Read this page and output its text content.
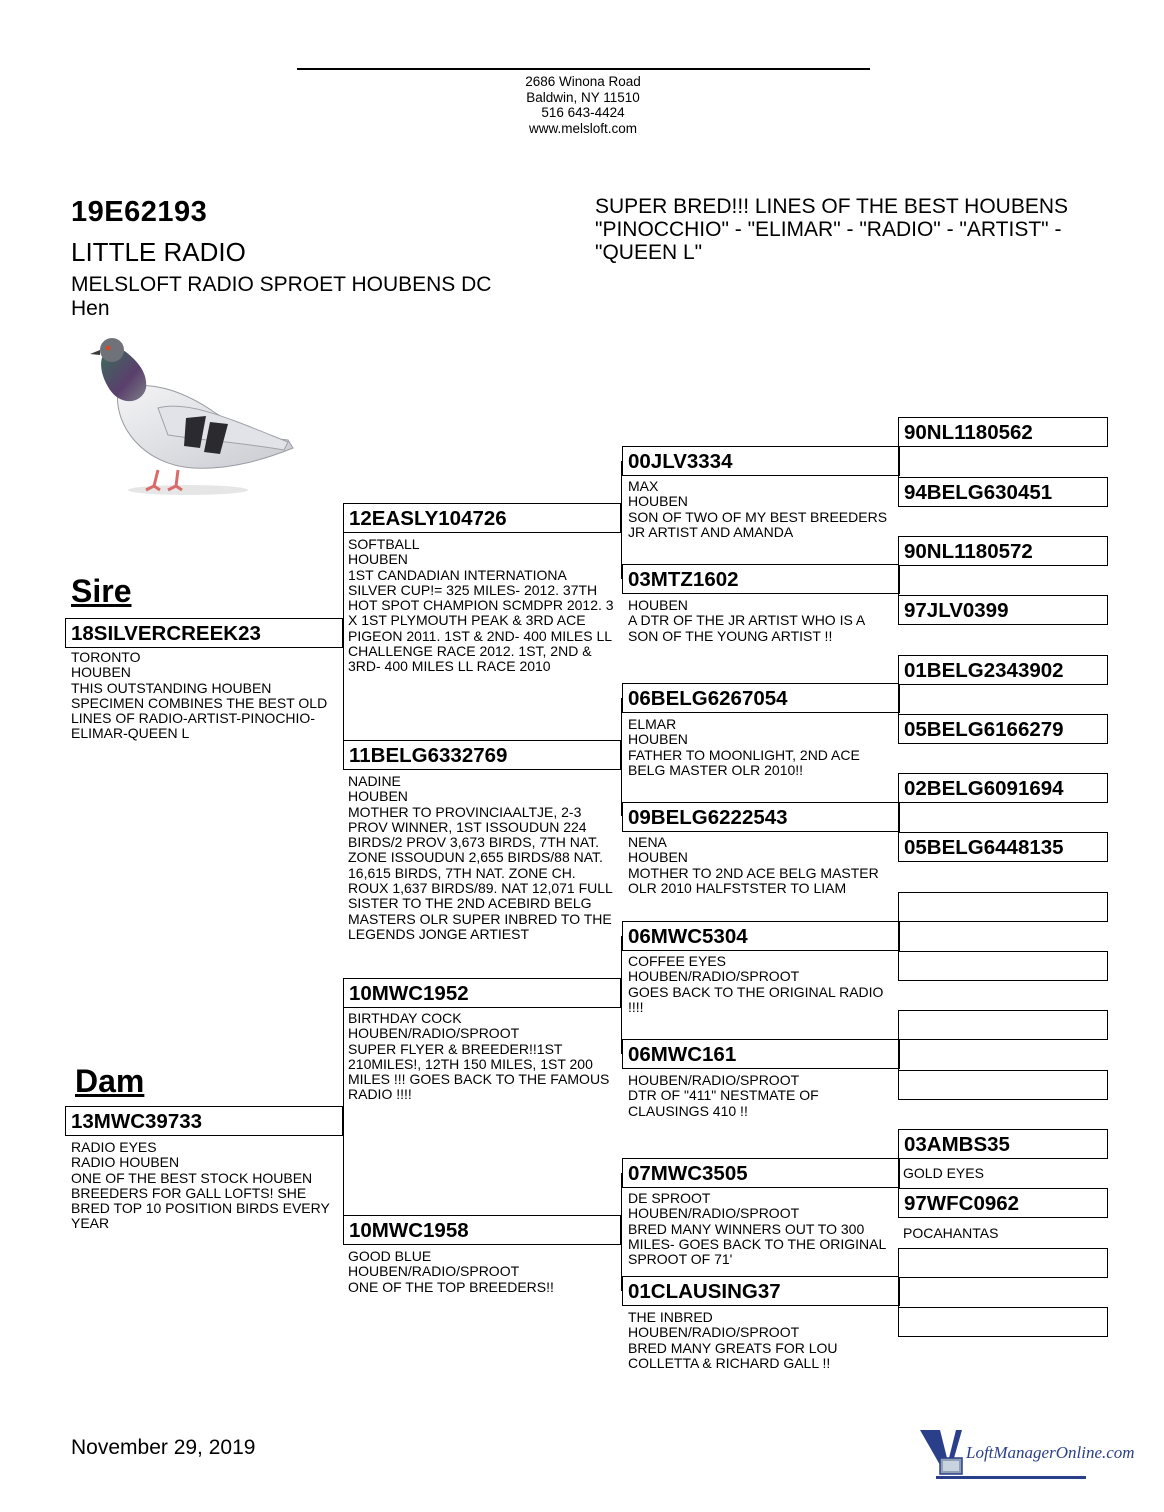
2686 Winona Road
Baldwin, NY 11510
516 643-4424
www.melsloft.com
19E62193
LITTLE RADIO
MELSLOFT RADIO SPROET HOUBENS DC
Hen
SUPER BRED!!! LINES OF THE BEST HOUBENS "PINOCCHIO" - "ELIMAR" - "RADIO" - "ARTIST" - "QUEEN L"
Sire
Dam
18SILVERCREEK23
TORONTO
HOUBEN
THIS OUTSTANDING HOUBEN SPECIMEN COMBINES THE BEST OLD LINES OF RADIO-ARTIST-PINOCHIO-ELIMAR-QUEEN L
13MWC39733
RADIO EYES
RADIO HOUBEN
ONE OF THE BEST STOCK HOUBEN BREEDERS FOR GALL LOFTS! SHE BRED TOP 10 POSITION BIRDS EVERY YEAR
12EASLY104726
SOFTBALL
HOUBEN
1ST CANDADIAN INTERNATIONA SILVER CUP!= 325 MILES- 2012. 37TH HOT SPOT CHAMPION SCMDPR 2012. 3 X 1ST PLYMOUTH PEAK & 3RD ACE PIGEON 2011. 1ST & 2ND- 400 MILES LL CHALLENGE RACE 2012. 1ST, 2ND & 3RD- 400 MILES LL RACE 2010
11BELG6332769
NADINE
HOUBEN
MOTHER TO PROVINCIAALTJE, 2-3 PROV WINNER, 1ST ISSOUDUN 224 BIRDS/2 PROV 3,673 BIRDS, 7TH NAT. ZONE ISSOUDUN 2,655 BIRDS/88 NAT. 16,615 BIRDS, 7TH NAT. ZONE CH. ROUX 1,637 BIRDS/89. NAT 12,071 FULL SISTER TO THE 2ND ACEBIRD BELG MASTERS OLR SUPER INBRED TO THE LEGENDS JONGE ARTIEST
10MWC1952
BIRTHDAY COCK
HOUBEN/RADIO/SPROOT
SUPER FLYER & BREEDER!!1ST 210MILES!, 12TH 150 MILES, 1ST 200 MILES !!! GOES BACK TO THE FAMOUS RADIO !!!!
10MWC1958
GOOD BLUE
HOUBEN/RADIO/SPROOT
ONE OF THE TOP BREEDERS!!
00JLV3334
MAX
HOUBEN
SON OF TWO OF MY BEST BREEDERS JR ARTIST AND AMANDA
03MTZ1602
HOUBEN
A DTR OF THE JR ARTIST WHO IS A SON OF THE YOUNG ARTIST !!
06BELG6267054
ELMAR
HOUBEN
FATHER TO MOONLIGHT, 2ND ACE BELG MASTER OLR 2010!!
09BELG6222543
NENA
HOUBEN
MOTHER TO 2ND ACE BELG MASTER OLR 2010 HALFSTSTER TO LIAM
06MWC5304
COFFEE EYES
HOUBEN/RADIO/SPROOT
GOES BACK TO THE ORIGINAL RADIO !!!!
06MWC161
HOUBEN/RADIO/SPROOT
DTR OF "411" NESTMATE OF CLAUSINGS 410 !!
07MWC3505
DE SPROOT
HOUBEN/RADIO/SPROOT
BRED MANY WINNERS OUT TO 300 MILES- GOES BACK TO THE ORIGINAL SPROOT OF 71'
01CLAUSING37
THE INBRED
HOUBEN/RADIO/SPROOT
BRED MANY GREATS FOR LOU COLLETTA & RICHARD GALL !!
90NL1180562
94BELG630451
90NL1180572
97JLV0399
01BELG2343902
05BELG6166279
02BELG6091694
05BELG6448135
03AMBS35
GOLD EYES
97WFC0962
POCAHANTAS
November 29, 2019	LoftManagerOnline.com
